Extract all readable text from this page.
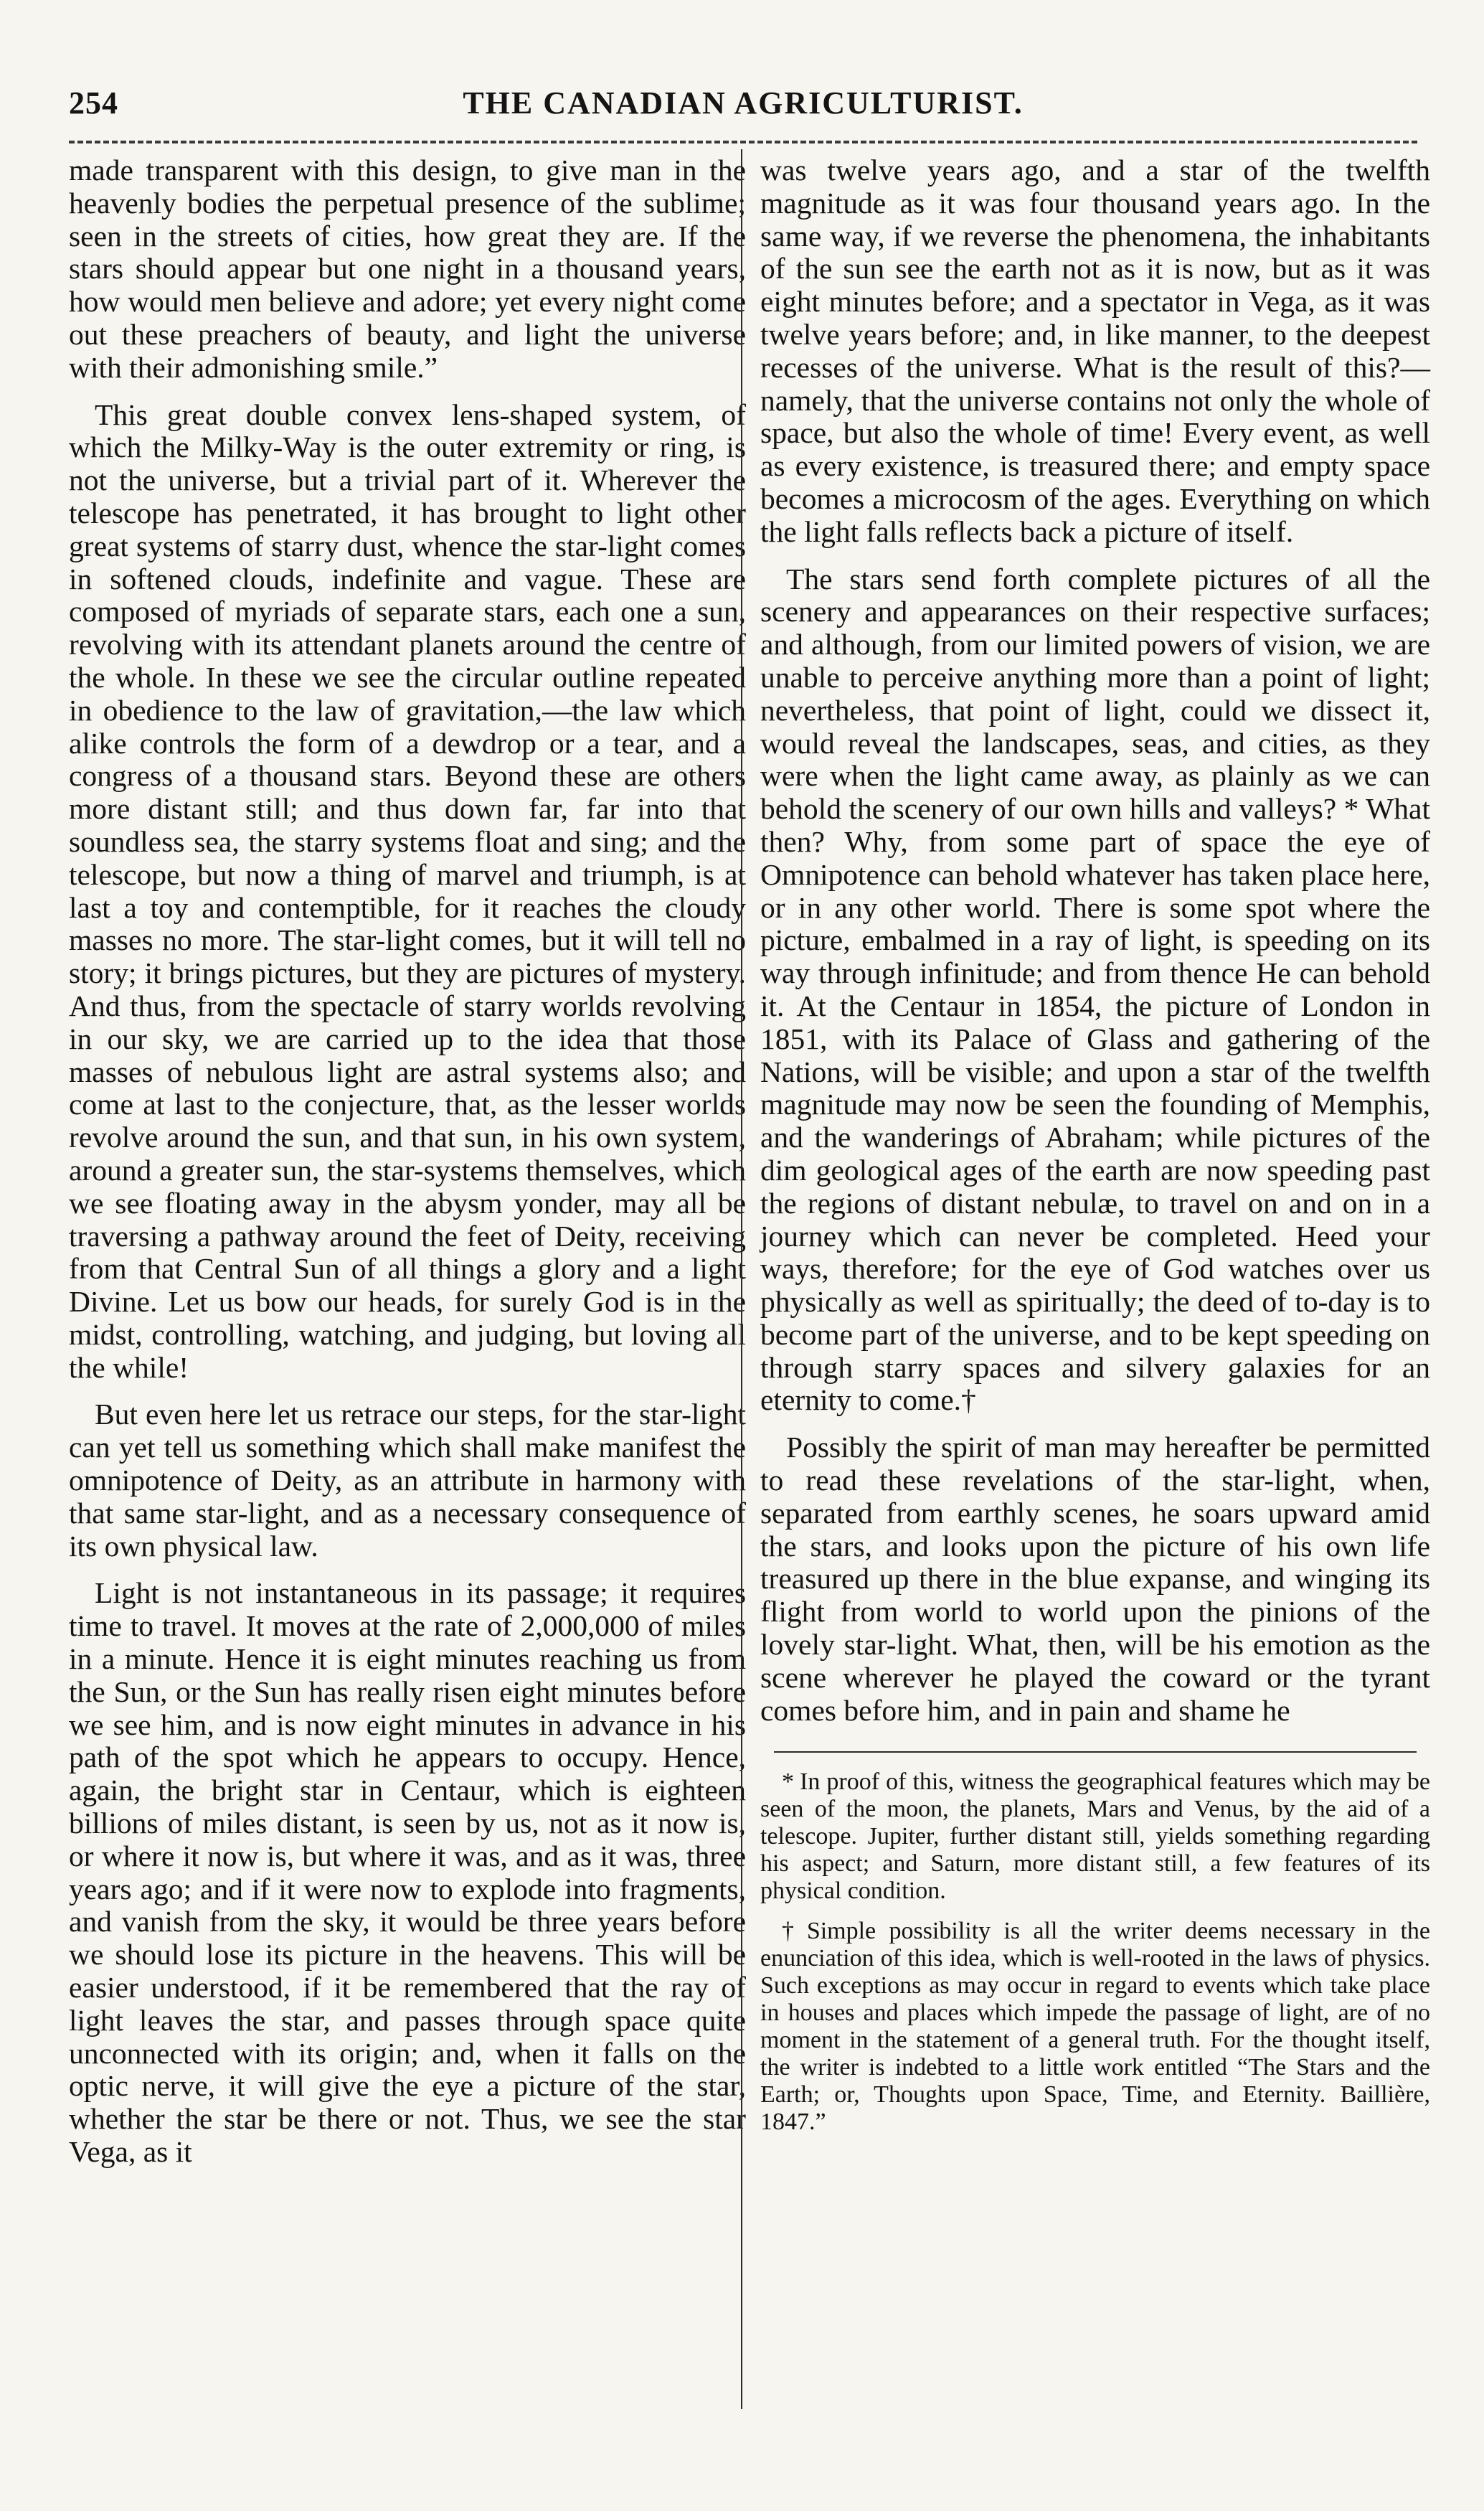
254	THE CANADIAN AGRICULTURIST.

made transparent with this design, to give man in the heavenly bodies the perpetual presence of the sublime; seen in the streets of cities, how great they are. If the stars should appear but one night in a thousand years, how would men believe and adore; yet every night come out these preachers of beauty, and light the universe with their admonishing smile.”

This great double convex lens-shaped system, of which the Milky-Way is the outer extremity or ring, is not the universe, but a trivial part of it. Wherever the telescope has penetrated, it has brought to light other great systems of starry dust, whence the star-light comes in softened clouds, indefinite and vague. These are composed of myriads of separate stars, each one a sun, revolving with its attendant planets around the centre of the whole. In these we see the circular outline repeated in obedience to the law of gravitation,—the law which alike controls the form of a dewdrop or a tear, and a congress of a thousand stars. Beyond these are others more distant still; and thus down far, far into that soundless sea, the starry systems float and sing; and the telescope, but now a thing of marvel and triumph, is at last a toy and contemptible, for it reaches the cloudy masses no more. The star-light comes, but it will tell no story; it brings pictures, but they are pictures of mystery. And thus, from the spectacle of starry worlds revolving in our sky, we are carried up to the idea that those masses of nebulous light are astral systems also; and come at last to the conjecture, that, as the lesser worlds revolve around the sun, and that sun, in his own system, around a greater sun, the star-systems themselves, which we see floating away in the abysm yonder, may all be traversing a pathway around the feet of Deity, receiving from that Central Sun of all things a glory and a light Divine. Let us bow our heads, for surely God is in the midst, controlling, watching, and judging, but loving all the while!

But even here let us retrace our steps, for the star-light can yet tell us something which shall make manifest the omnipotence of Deity, as an attribute in harmony with that same star-light, and as a necessary consequence of its own physical law.

Light is not instantaneous in its passage; it requires time to travel. It moves at the rate of 2,000,000 of miles in a minute. Hence it is eight minutes reaching us from the Sun, or the Sun has really risen eight minutes before we see him, and is now eight minutes in advance in his path of the spot which he appears to occupy. Hence, again, the bright star in Centaur, which is eighteen billions of miles distant, is seen by us, not as it now is, or where it now is, but where it was, and as it was, three years ago; and if it were now to explode into fragments, and vanish from the sky, it would be three years before we should lose its picture in the heavens. This will be easier understood, if it be remembered that the ray of light leaves the star, and passes through space quite unconnected with its origin; and, when it falls on the optic nerve, it will give the eye a picture of the star, whether the star be there or not. Thus, we see the star Vega, as it

was twelve years ago, and a star of the twelfth magnitude as it was four thousand years ago. In the same way, if we reverse the phenomena, the inhabitants of the sun see the earth not as it is now, but as it was eight minutes before; and a spectator in Vega, as it was twelve years before; and, in like manner, to the deepest recesses of the universe. What is the result of this?—namely, that the universe contains not only the whole of space, but also the whole of time! Every event, as well as every existence, is treasured there; and empty space becomes a microcosm of the ages. Everything on which the light falls reflects back a picture of itself.

The stars send forth complete pictures of all the scenery and appearances on their respective surfaces; and although, from our limited powers of vision, we are unable to perceive anything more than a point of light; nevertheless, that point of light, could we dissect it, would reveal the landscapes, seas, and cities, as they were when the light came away, as plainly as we can behold the scenery of our own hills and valleys? * What then? Why, from some part of space the eye of Omnipotence can behold whatever has taken place here, or in any other world. There is some spot where the picture, embalmed in a ray of light, is speeding on its way through infinitude; and from thence He can behold it. At the Centaur in 1854, the picture of London in 1851, with its Palace of Glass and gathering of the Nations, will be visible; and upon a star of the twelfth magnitude may now be seen the founding of Memphis, and the wanderings of Abraham; while pictures of the dim geological ages of the earth are now speeding past the regions of distant nebulæ, to travel on and on in a journey which can never be completed. Heed your ways, therefore; for the eye of God watches over us physically as well as spiritually; the deed of to-day is to become part of the universe, and to be kept speeding on through starry spaces and silvery galaxies for an eternity to come.†

Possibly the spirit of man may hereafter be permitted to read these revelations of the star-light, when, separated from earthly scenes, he soars upward amid the stars, and looks upon the picture of his own life treasured up there in the blue expanse, and winging its flight from world to world upon the pinions of the lovely star-light. What, then, will be his emotion as the scene wherever he played the coward or the tyrant comes before him, and in pain and shame he

* In proof of this, witness the geographical features which may be seen of the moon, the planets, Mars and Venus, by the aid of a telescope. Jupiter, further distant still, yields something regarding his aspect; and Saturn, more distant still, a few features of its physical condition.

† Simple possibility is all the writer deems necessary in the enunciation of this idea, which is well-rooted in the laws of physics. Such exceptions as may occur in regard to events which take place in houses and places which impede the passage of light, are of no moment in the statement of a general truth. For the thought itself, the writer is indebted to a little work entitled “The Stars and the Earth; or, Thoughts upon Space, Time, and Eternity. Baillière, 1847.”
